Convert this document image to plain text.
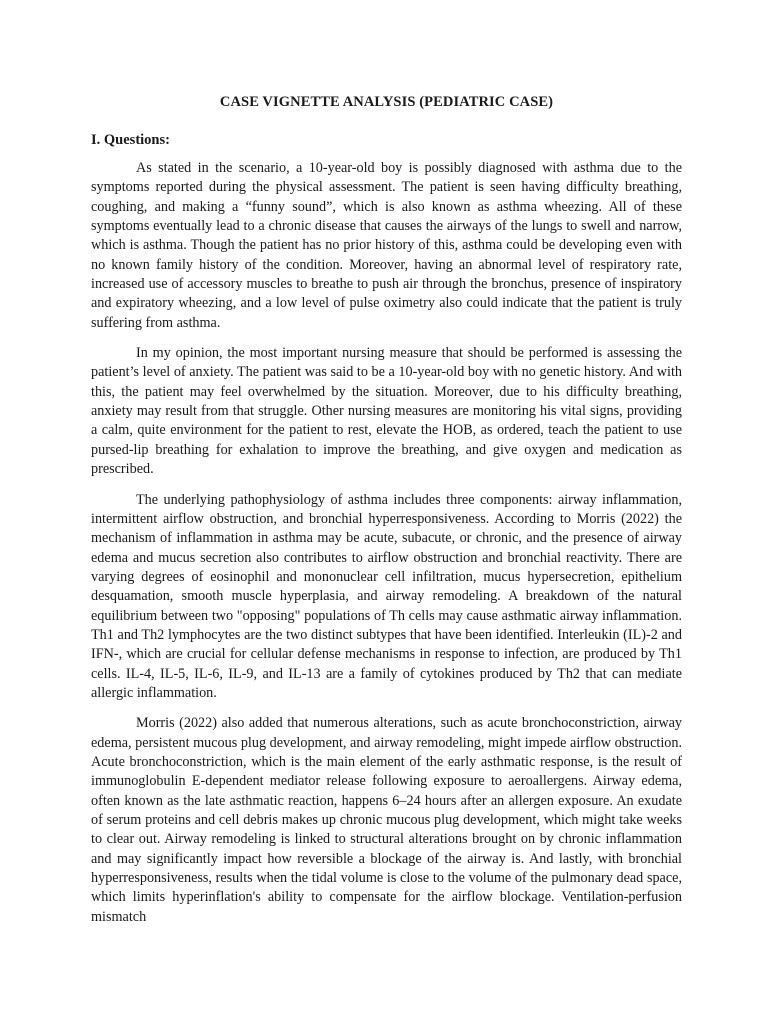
CASE VIGNETTE ANALYSIS (PEDIATRIC CASE)
I. Questions:

As stated in the scenario, a 10-year-old boy is possibly diagnosed with asthma due to the symptoms reported during the physical assessment. The patient is seen having difficulty breathing, coughing, and making a “funny sound”, which is also known as asthma wheezing. All of these symptoms eventually lead to a chronic disease that causes the airways of the lungs to swell and narrow, which is asthma. Though the patient has no prior history of this, asthma could be developing even with no known family history of the condition. Moreover, having an abnormal level of respiratory rate, increased use of accessory muscles to breathe to push air through the bronchus, presence of inspiratory and expiratory wheezing, and a low level of pulse oximetry also could indicate that the patient is truly suffering from asthma.

In my opinion, the most important nursing measure that should be performed is assessing the patient’s level of anxiety. The patient was said to be a 10-year-old boy with no genetic history. And with this, the patient may feel overwhelmed by the situation. Moreover, due to his difficulty breathing, anxiety may result from that struggle. Other nursing measures are monitoring his vital signs, providing a calm, quite environment for the patient to rest, elevate the HOB, as ordered, teach the patient to use pursed-lip breathing for exhalation to improve the breathing, and give oxygen and medication as prescribed.

The underlying pathophysiology of asthma includes three components: airway inflammation, intermittent airflow obstruction, and bronchial hyperresponsiveness. According to Morris (2022) the mechanism of inflammation in asthma may be acute, subacute, or chronic, and the presence of airway edema and mucus secretion also contributes to airflow obstruction and bronchial reactivity. There are varying degrees of eosinophil and mononuclear cell infiltration, mucus hypersecretion, epithelium desquamation, smooth muscle hyperplasia, and airway remodeling. A breakdown of the natural equilibrium between two "opposing" populations of Th cells may cause asthmatic airway inflammation. Th1 and Th2 lymphocytes are the two distinct subtypes that have been identified. Interleukin (IL)-2 and IFN-, which are crucial for cellular defense mechanisms in response to infection, are produced by Th1 cells. IL-4, IL-5, IL-6, IL-9, and IL-13 are a family of cytokines produced by Th2 that can mediate allergic inflammation.

Morris (2022) also added that numerous alterations, such as acute bronchoconstriction, airway edema, persistent mucous plug development, and airway remodeling, might impede airflow obstruction. Acute bronchoconstriction, which is the main element of the early asthmatic response, is the result of immunoglobulin E-dependent mediator release following exposure to aeroallergens. Airway edema, often known as the late asthmatic reaction, happens 6–24 hours after an allergen exposure. An exudate of serum proteins and cell debris makes up chronic mucous plug development, which might take weeks to clear out. Airway remodeling is linked to structural alterations brought on by chronic inflammation and may significantly impact how reversible a blockage of the airway is. And lastly, with bronchial hyperresponsiveness, results when the tidal volume is close to the volume of the pulmonary dead space, which limits hyperinflation's ability to compensate for the airflow blockage. Ventilation-perfusion mismatch
